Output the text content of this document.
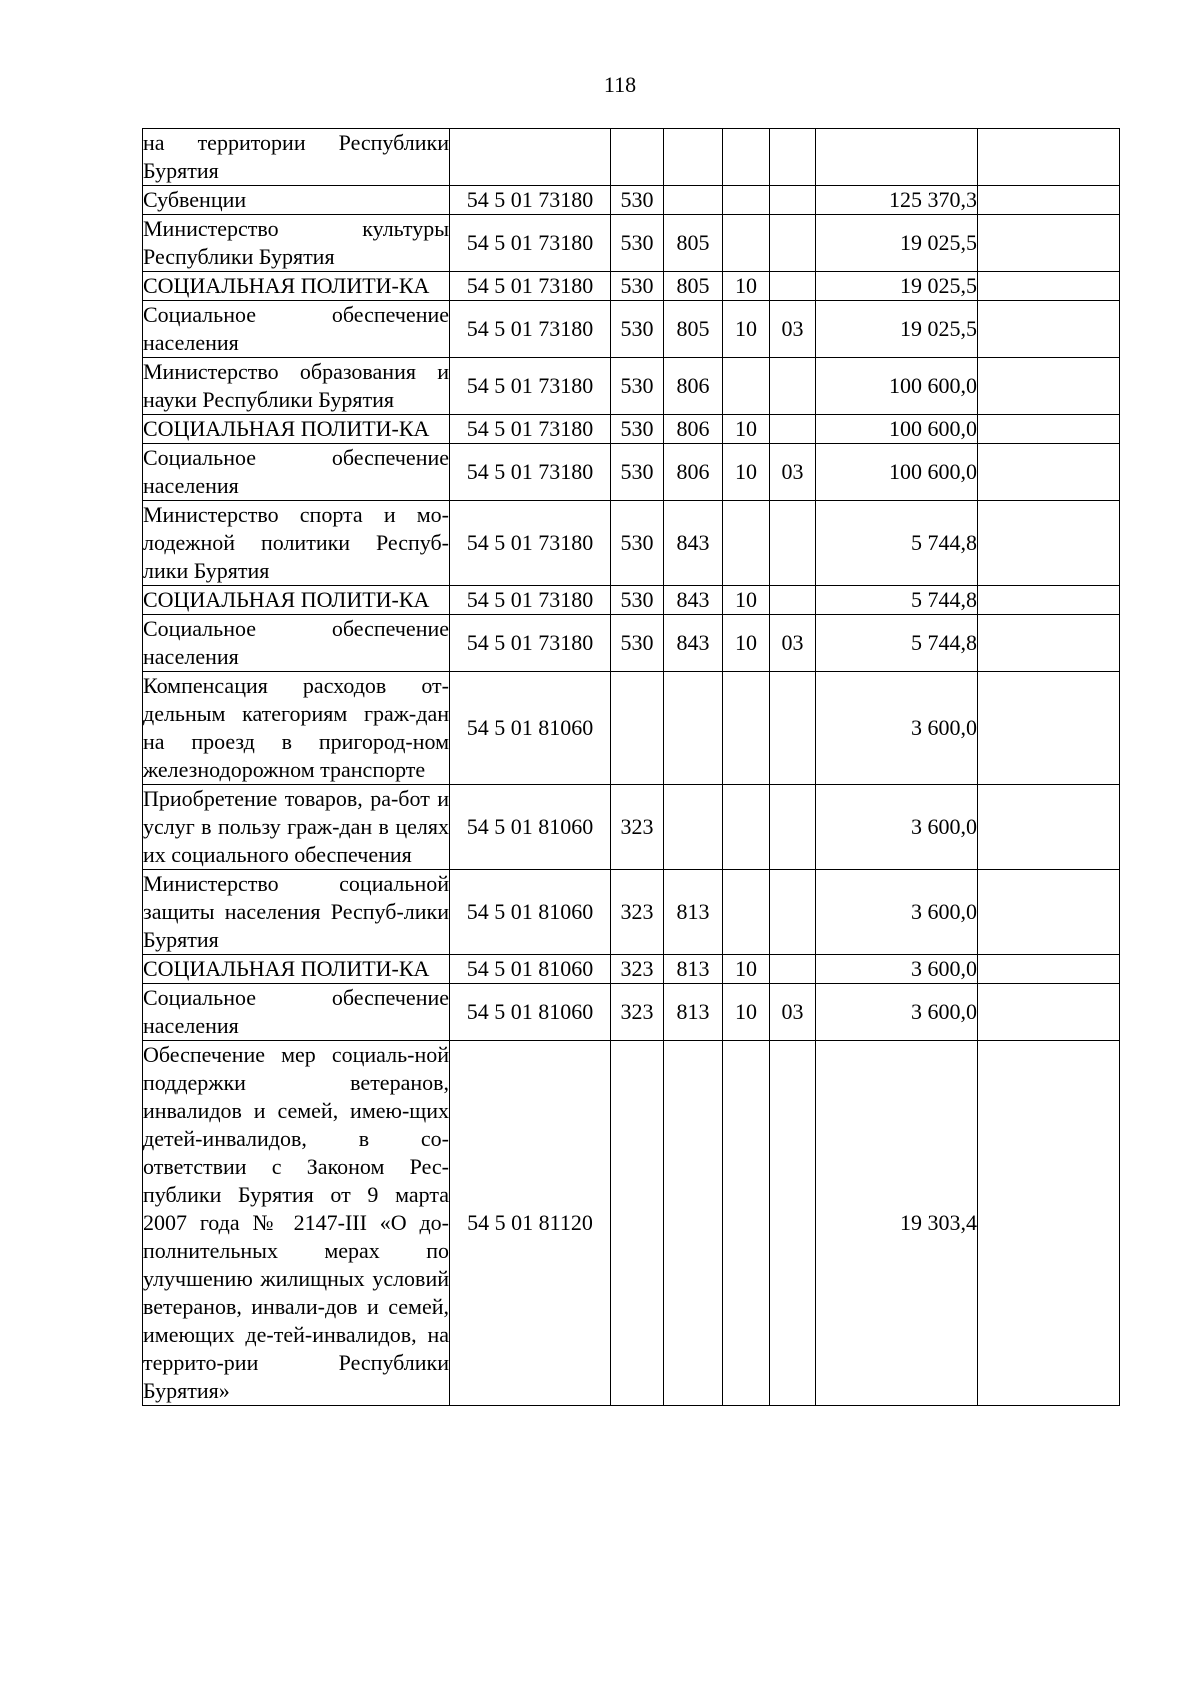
118
на территории Республики Бурятия							
Субвенции	54 5 01 73180	530				125 370,3	
Министерство культуры Республики Бурятия	54 5 01 73180	530	805			19 025,5	
СОЦИАЛЬНАЯ ПОЛИТИ-КА	54 5 01 73180	530	805	10		19 025,5	
Социальное обеспечение населения	54 5 01 73180	530	805	10	03	19 025,5	
Министерство образования и науки Республики Бурятия	54 5 01 73180	530	806			100 600,0	
СОЦИАЛЬНАЯ ПОЛИТИ-КА	54 5 01 73180	530	806	10		100 600,0	
Социальное обеспечение населения	54 5 01 73180	530	806	10	03	100 600,0	
Министерство спорта и мо-лодежной политики Респуб-лики Бурятия	54 5 01 73180	530	843			5 744,8	
СОЦИАЛЬНАЯ ПОЛИТИ-КА	54 5 01 73180	530	843	10		5 744,8	
Социальное обеспечение населения	54 5 01 73180	530	843	10	03	5 744,8	
Компенсация расходов от-дельным категориям граж-дан на проезд в пригород-ном железнодорожном транспорте	54 5 01 81060					3 600,0	
Приобретение товаров, ра-бот и услуг в пользу граж-дан в целях их социального обеспечения	54 5 01 81060	323				3 600,0	
Министерство социальной защиты населения Респуб-лики Бурятия	54 5 01 81060	323	813			3 600,0	
СОЦИАЛЬНАЯ ПОЛИТИ-КА	54 5 01 81060	323	813	10		3 600,0	
Социальное обеспечение населения	54 5 01 81060	323	813	10	03	3 600,0	
Обеспечение мер социаль-ной поддержки ветеранов, инвалидов и семей, имею-щих детей-инвалидов, в со-ответствии с Законом Рес-публики Бурятия от 9 марта 2007 года № 2147-III «О до-полнительных мерах по улучшению жилищных условий ветеранов, инвали-дов и семей, имеющих де-тей-инвалидов, на террито-рии Республики Бурятия»	54 5 01 81120					19 303,4	
